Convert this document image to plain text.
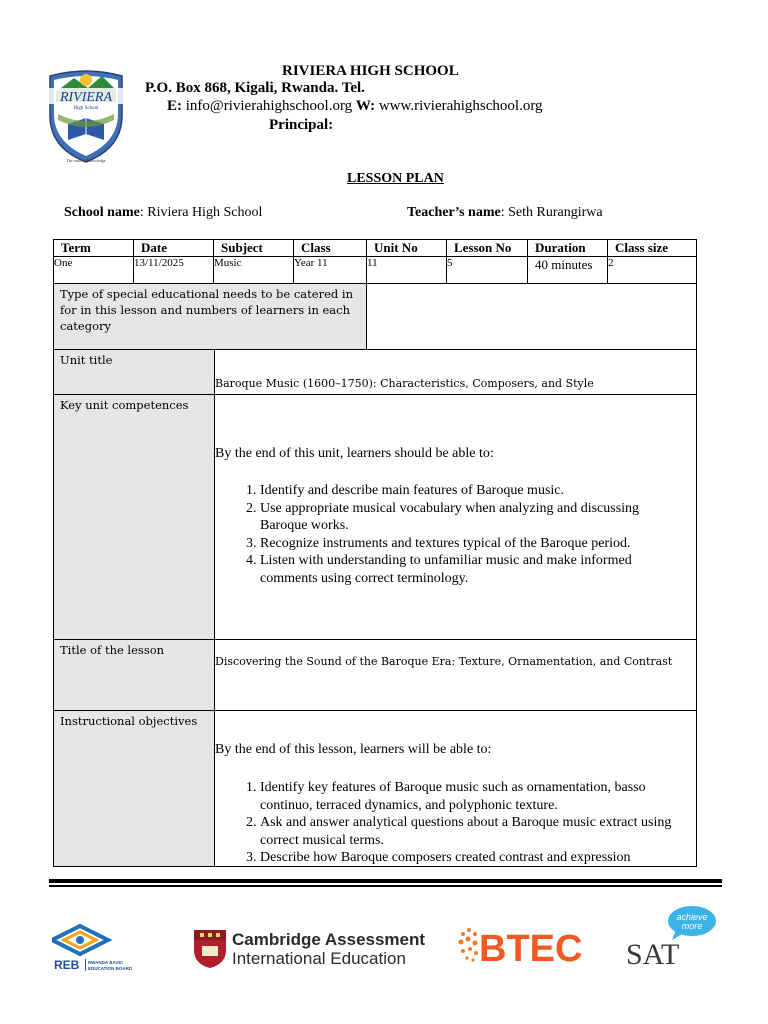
RIVIERA
High School
The oasis of Knowledge
RIVIERA HIGH SCHOOL
P.O. Box 868, Kigali, Rwanda. Tel.
E: info@rivierahighschool.org W: www.rivierahighschool.org
Principal:
LESSON PLAN
School name: Riviera High School	Teacher’s name: Seth Rurangirwa
Term	Date	Subject	Class	Unit No	Lesson No	Duration	Class size
One	13/11/2025	Music	Year 11	11	5	40 minutes	2
Type of special educational needs to be catered in for in this lesson and numbers of learners in each category
Unit title
Baroque Music (1600–1750): Characteristics, Composers, and Style
Key unit competences
By the end of this unit, learners should be able to:
1. Identify and describe main features of Baroque music.
2. Use appropriate musical vocabulary when analyzing and discussing Baroque works.
3. Recognize instruments and textures typical of the Baroque period.
4. Listen with understanding to unfamiliar music and make informed comments using correct terminology.
Title of the lesson
Discovering the Sound of the Baroque Era: Texture, Ornamentation, and Contrast
Instructional objectives
By the end of this lesson, learners will be able to:
1. Identify key features of Baroque music such as ornamentation, basso continuo, terraced dynamics, and polyphonic texture.
2. Ask and answer analytical questions about a Baroque music extract using correct musical terms.
3. Describe how Baroque composers created contrast and expression
REB RWANDA BASIC
EDUCATION BOARD
Cambridge Assessment
International Education BTEC
achieve
more
SAT
